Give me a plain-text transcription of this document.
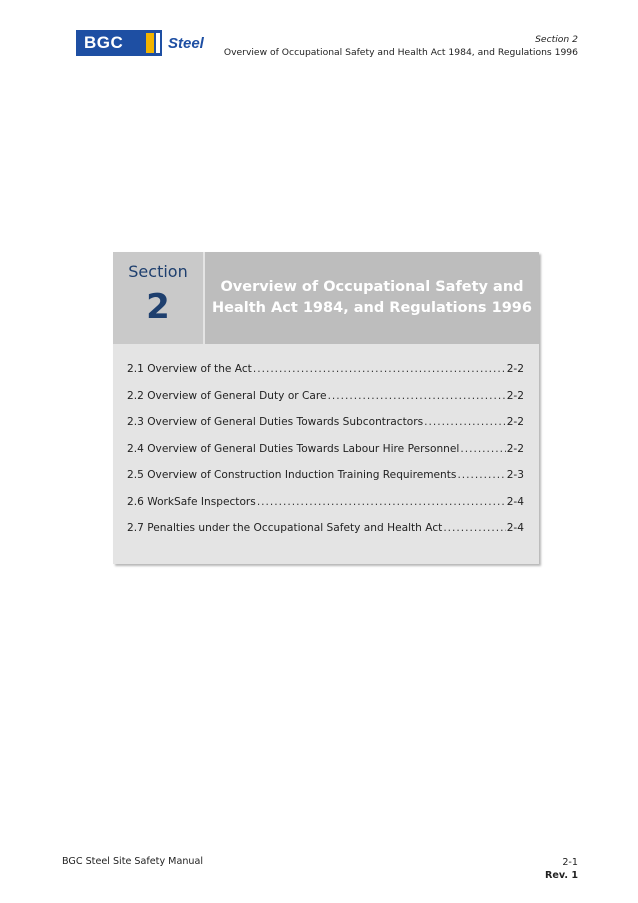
BGC	Steel	Section 2
Overview of Occupational Safety and Health Act 1984, and Regulations 1996
Section
2	Overview of Occupational Safety and
Health Act 1984, and Regulations 1996
2.1 Overview of the Act .....	2-2
2.2 Overview of General Duty or Care .....	2-2
2.3 Overview of General Duties Towards Subcontractors .....	2-2
2.4 Overview of General Duties Towards Labour Hire Personnel .....	2-2
2.5 Overview of Construction Induction Training Requirements .....	2-3
2.6 WorkSafe Inspectors .....	2-4
2.7 Penalties under the Occupational Safety and Health Act .....	2-4
BGC Steel Site Safety Manual	2-1
Rev. 1
